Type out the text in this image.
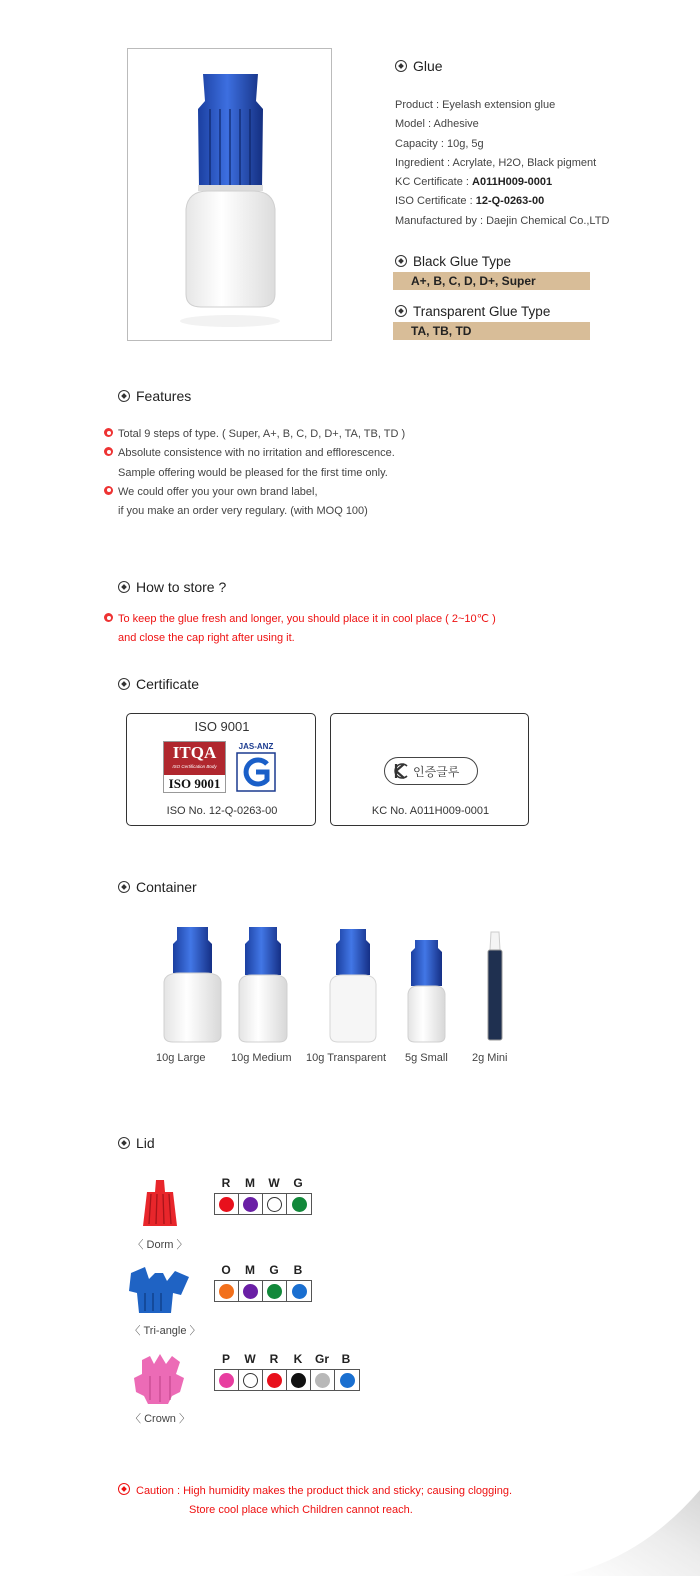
Glue
Product : Eyelash extension glue
Model : Adhesive
Capacity : 10g, 5g
Ingredient : Acrylate, H2O, Black pigment
KC Certificate : A011H009-0001
ISO Certificate : 12-Q-0263-00
Manufactured by : Daejin Chemical Co.,LTD
Black Glue Type
A+, B, C, D, D+, Super
Transparent Glue Type
TA, TB, TD
Features
Total 9 steps of type. ( Super, A+, B, C, D, D+, TA, TB, TD )
Absolute consistence with no irritation and efflorescence.
Sample offering would be pleased for the first time only.
We could offer you your own brand label,
if you make an order very regulary. (with MOQ 100)
How to store ?
To keep the glue fresh and longer, you should place it in cool place ( 2~10℃ )
and close the cap right after using it.
Certificate
ISO 9001
ITQA
ISO Certification Body
ISO 9001
JAS-ANZ
ISO No. 12-Q-0263-00
인증글루
KC No. A011H009-0001
Container
10g Large 10g Medium 10g Transparent 5g Small 2g Mini
Lid
〈 Dorm 〉
R	M	W	G
〈 Tri-angle 〉
O	M	G	B
〈 Crown 〉
P	W	R	K	Gr	B
Caution : High humidity makes the product thick and sticky; causing clogging.
Store cool place which Children cannot reach.
